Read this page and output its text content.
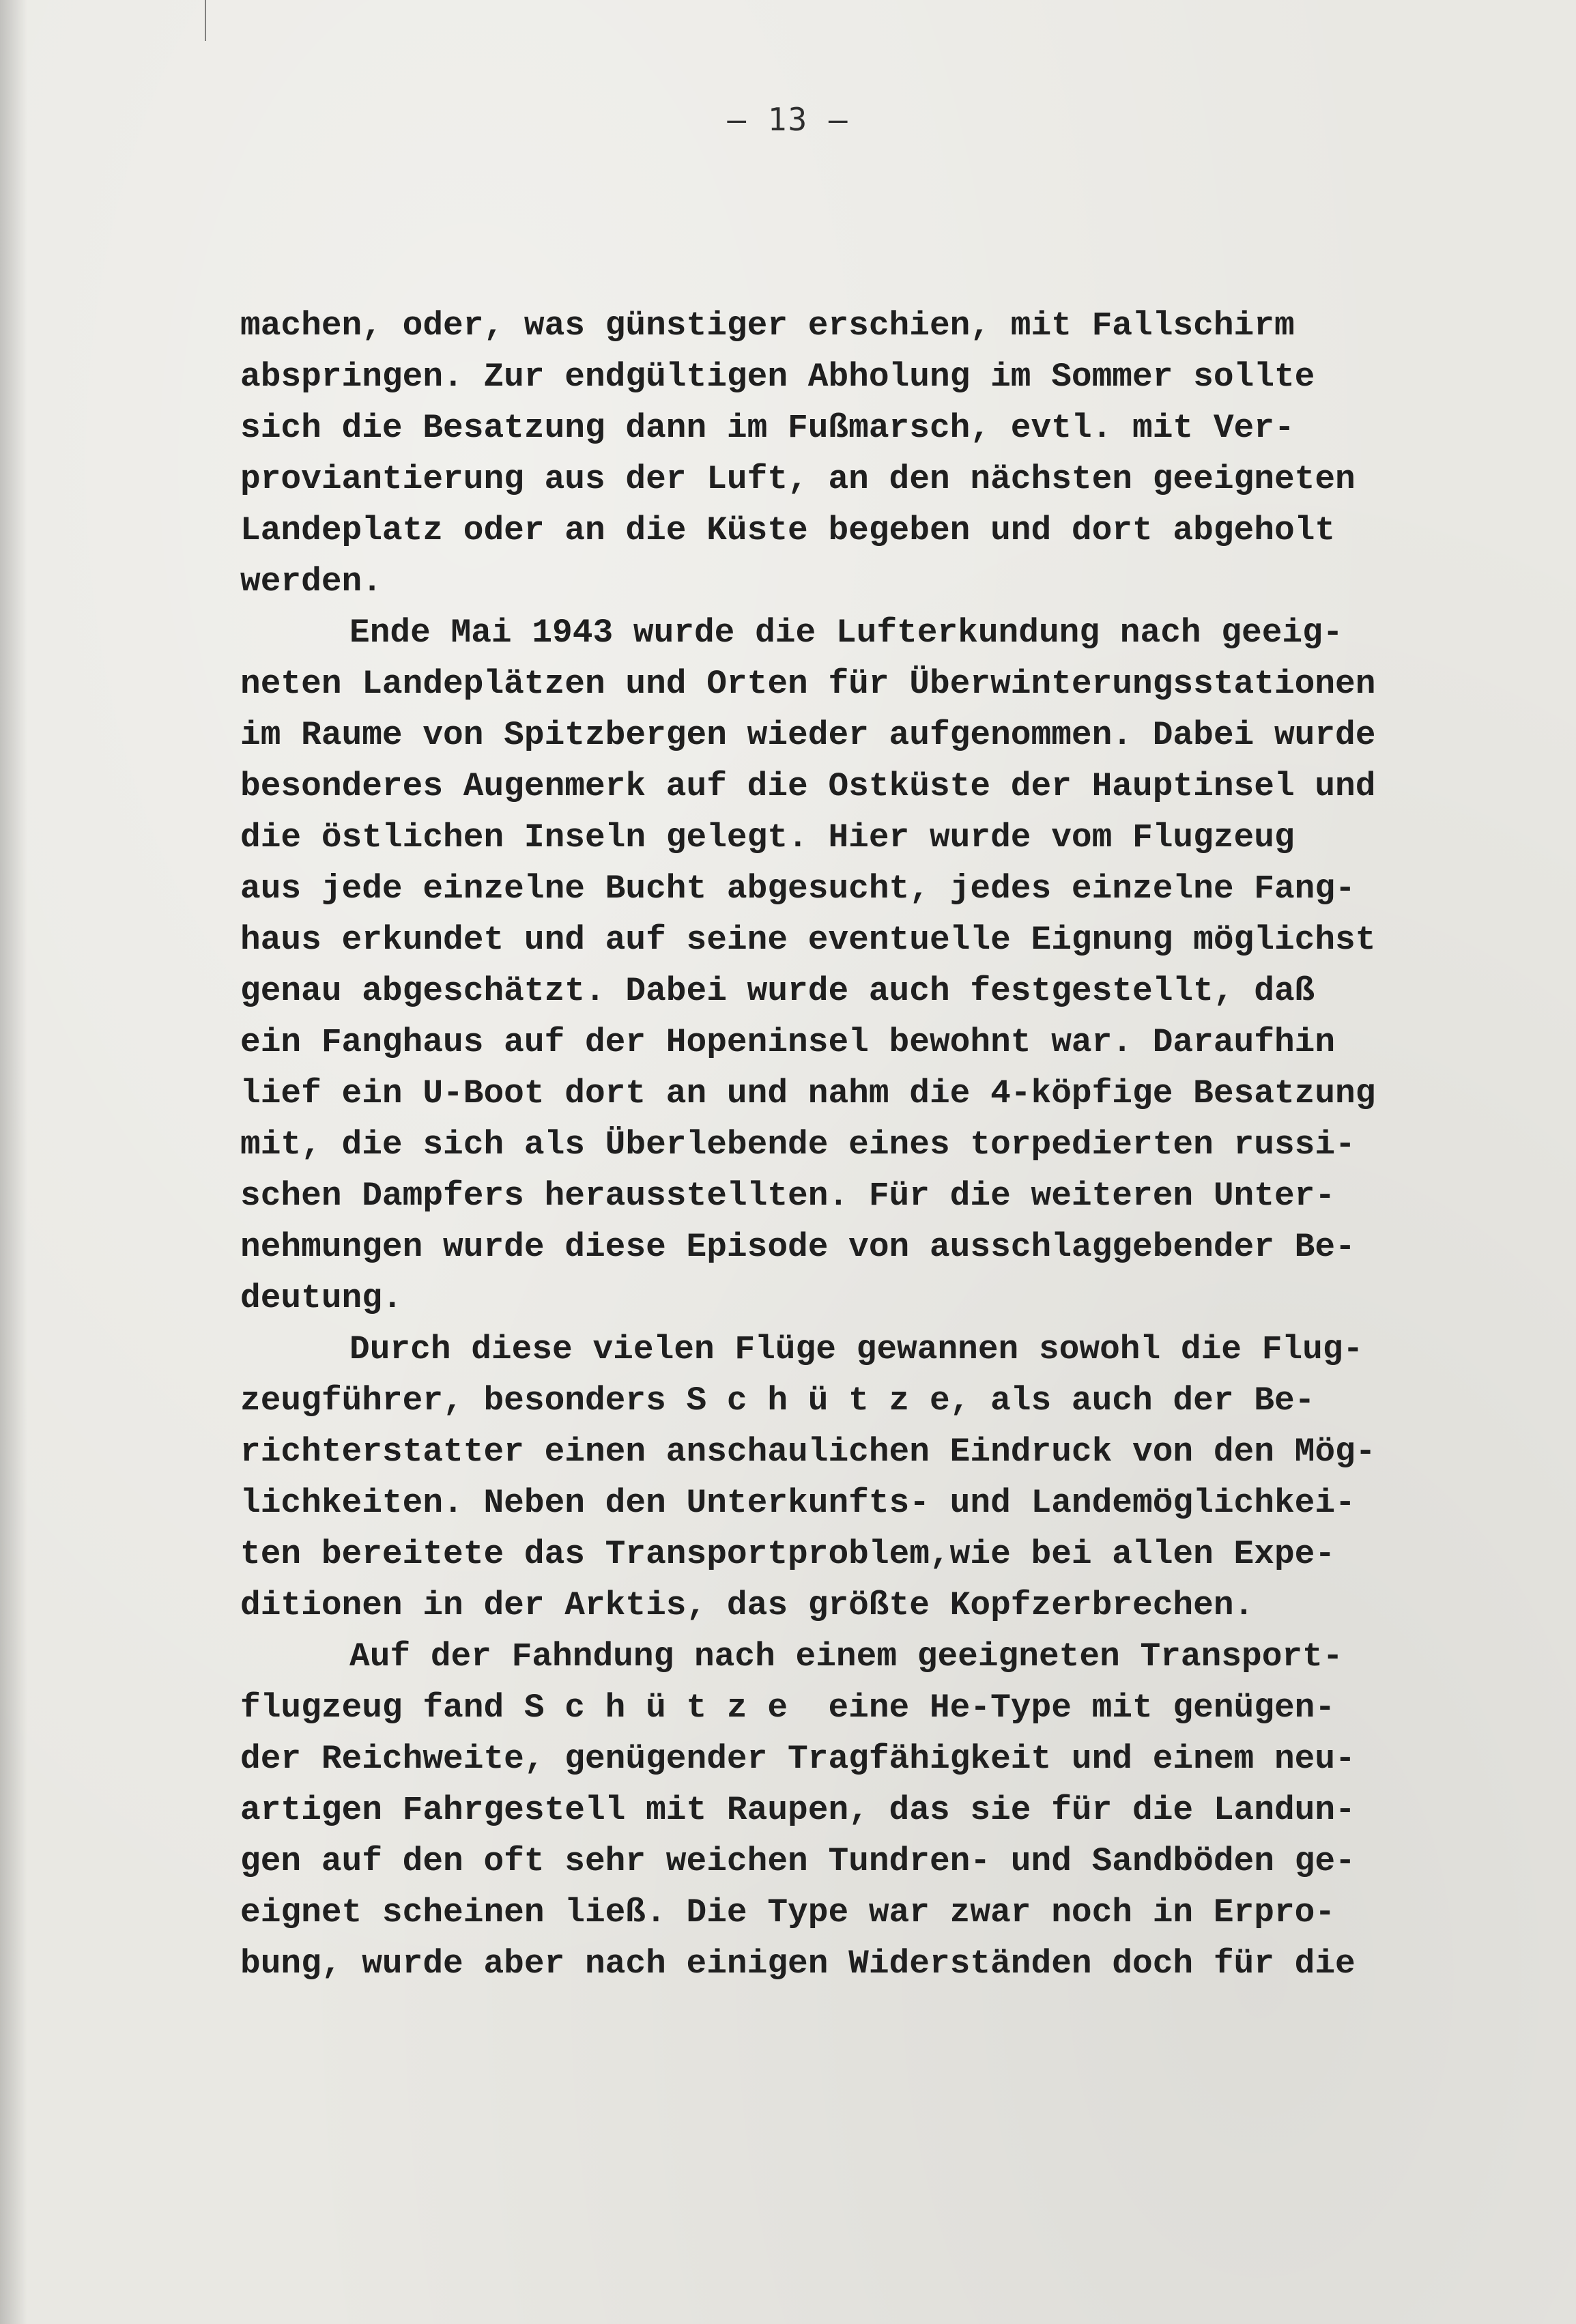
– 13 –
machen, oder, was günstiger erschien, mit Fallschirm
abspringen. Zur endgültigen Abholung im Sommer sollte
sich die Besatzung dann im Fußmarsch, evtl. mit Ver-
proviantierung aus der Luft, an den nächsten geeigneten
Landeplatz oder an die Küste begeben und dort abgeholt
werden.
Ende Mai 1943 wurde die Lufterkundung nach geeig-
neten Landeplätzen und Orten für Überwinterungsstationen
im Raume von Spitzbergen wieder aufgenommen. Dabei wurde
besonderes Augenmerk auf die Ostküste der Hauptinsel und
die östlichen Inseln gelegt. Hier wurde vom Flugzeug
aus jede einzelne Bucht abgesucht, jedes einzelne Fang-
haus erkundet und auf seine eventuelle Eignung möglichst
genau abgeschätzt. Dabei wurde auch festgestellt, daß
ein Fanghaus auf der Hopeninsel bewohnt war. Daraufhin
lief ein U-Boot dort an und nahm die 4-köpfige Besatzung
mit, die sich als Überlebende eines torpedierten russi-
schen Dampfers herausstellten. Für die weiteren Unter-
nehmungen wurde diese Episode von ausschlaggebender Be-
deutung.
Durch diese vielen Flüge gewannen sowohl die Flug-
zeugführer, besonders S c h ü t z e, als auch der Be-
richterstatter einen anschaulichen Eindruck von den Mög-
lichkeiten. Neben den Unterkunfts- und Landemöglichkei-
ten bereitete das Transportproblem,wie bei allen Expe-
ditionen in der Arktis, das größte Kopfzerbrechen.
Auf der Fahndung nach einem geeigneten Transport-
flugzeug fand S c h ü t z e  eine He-Type mit genügen-
der Reichweite, genügender Tragfähigkeit und einem neu-
artigen Fahrgestell mit Raupen, das sie für die Landun-
gen auf den oft sehr weichen Tundren- und Sandböden ge-
eignet scheinen ließ. Die Type war zwar noch in Erpro-
bung, wurde aber nach einigen Widerständen doch für die
